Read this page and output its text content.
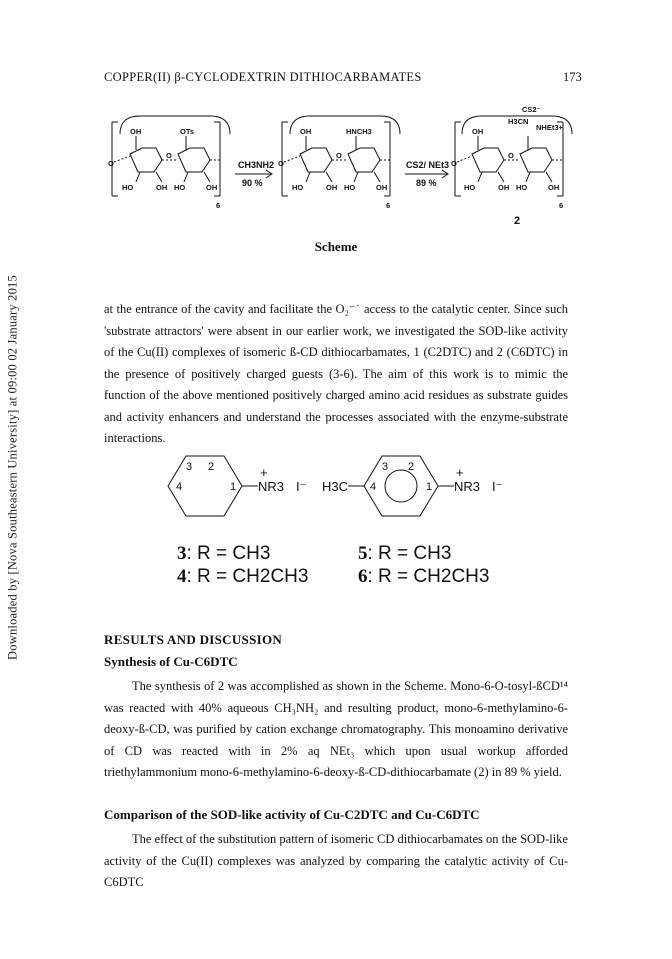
Downloaded by [Nova Southeastern University] at 09:00 02 January 2015
COPPER(II) β-CYCLODEXTRIN DITHIOCARBAMATES	173
OH	OTs
HO	OH HO	OH
O
O
6
OH	HNCH3
HO	OH HO	OH
O
O
6
OH
CS2⁻
H3CN
NHEt3+
HO	OH HO	OH
O
O
6
CH3NH2
90 %
CS2/ NEt3
89 %
2
Scheme
at the entrance of the cavity and facilitate the O₂⁻˙ access to the catalytic center. Since such 'substrate attractors' were absent in our earlier work, we investigated the SOD-like activity of the Cu(II) complexes of isomeric ß-CD dithiocarbamates, 1 (C2DTC) and 2 (C6DTC) in the presence of positively charged guests (3-6). The aim of this work is to mimic the function of the above mentioned positively charged amino acid residues as substrate guides and activity enhancers and understand the processes associated with the enzyme-substrate interactions.
3 2
4	1
3 2
4	1
NR3
+
I⁻ H3C	NR3
+
I⁻
3: R = CH3
4: R = CH2CH3
5: R = CH3
6: R = CH2CH3
RESULTS AND DISCUSSION
Synthesis of Cu-C6DTC
The synthesis of 2 was accomplished as shown in the Scheme. Mono-6-O-tosyl-ßCD¹⁴ was reacted with 40% aqueous CH₃NH₂ and resulting product, mono-6-methylamino-6-deoxy-ß-CD, was purified by cation exchange chromatography. This monoamino derivative of CD was reacted with in 2% aq NEt₃ which upon usual workup afforded triethylammonium mono-6-methylamino-6-deoxy-ß-CD-dithiocarbamate (2) in 89 % yield.
Comparison of the SOD-like activity of Cu-C2DTC and Cu-C6DTC
The effect of the substitution pattern of isomeric CD dithiocarbamates on the SOD-like activity of the Cu(II) complexes was analyzed by comparing the catalytic activity of Cu-C6DTC
